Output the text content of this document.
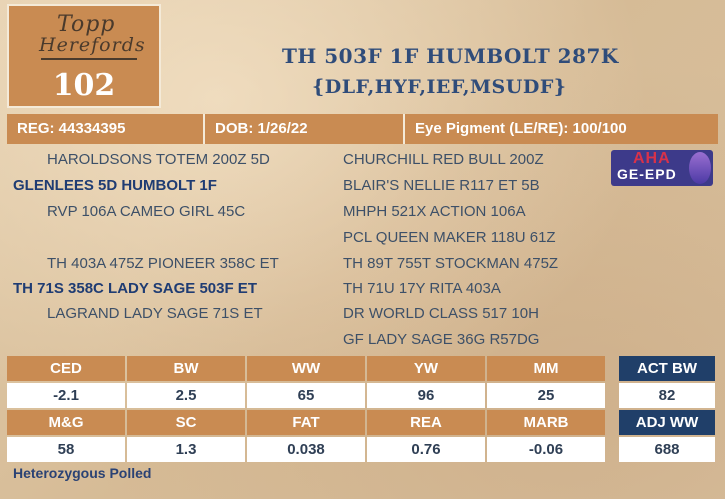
Topp
Herefords
102
TH 503F 1F HUMBOLT 287K
{DLF,HYF,IEF,MSUDF}
REG: 44334395	DOB: 1/26/22	Eye Pigment (LE/RE): 100/100
HAROLDSONS TOTEM 200Z 5D
GLENLEES 5D HUMBOLT 1F
RVP 106A CAMEO GIRL 45C
TH 403A 475Z PIONEER 358C ET
TH 71S 358C LADY SAGE 503F ET
LAGRAND LADY SAGE 71S ET
CHURCHILL RED BULL 200Z
BLAIR'S NELLIE R117 ET 5B
MHPH 521X ACTION 106A
PCL QUEEN MAKER 118U 61Z
TH 89T 755T STOCKMAN 475Z
TH 71U 17Y RITA 403A
DR WORLD CLASS 517 10H
GF LADY SAGE 36G R57DG
AHA
GE-EPD
CED	BW	WW	YW	MM
-2.1	2.5	65	96	25
M&G	SC	FAT	REA	MARB
58	1.3	0.038	0.76	-0.06
ACT BW
82
ADJ WW
688
Heterozygous Polled
